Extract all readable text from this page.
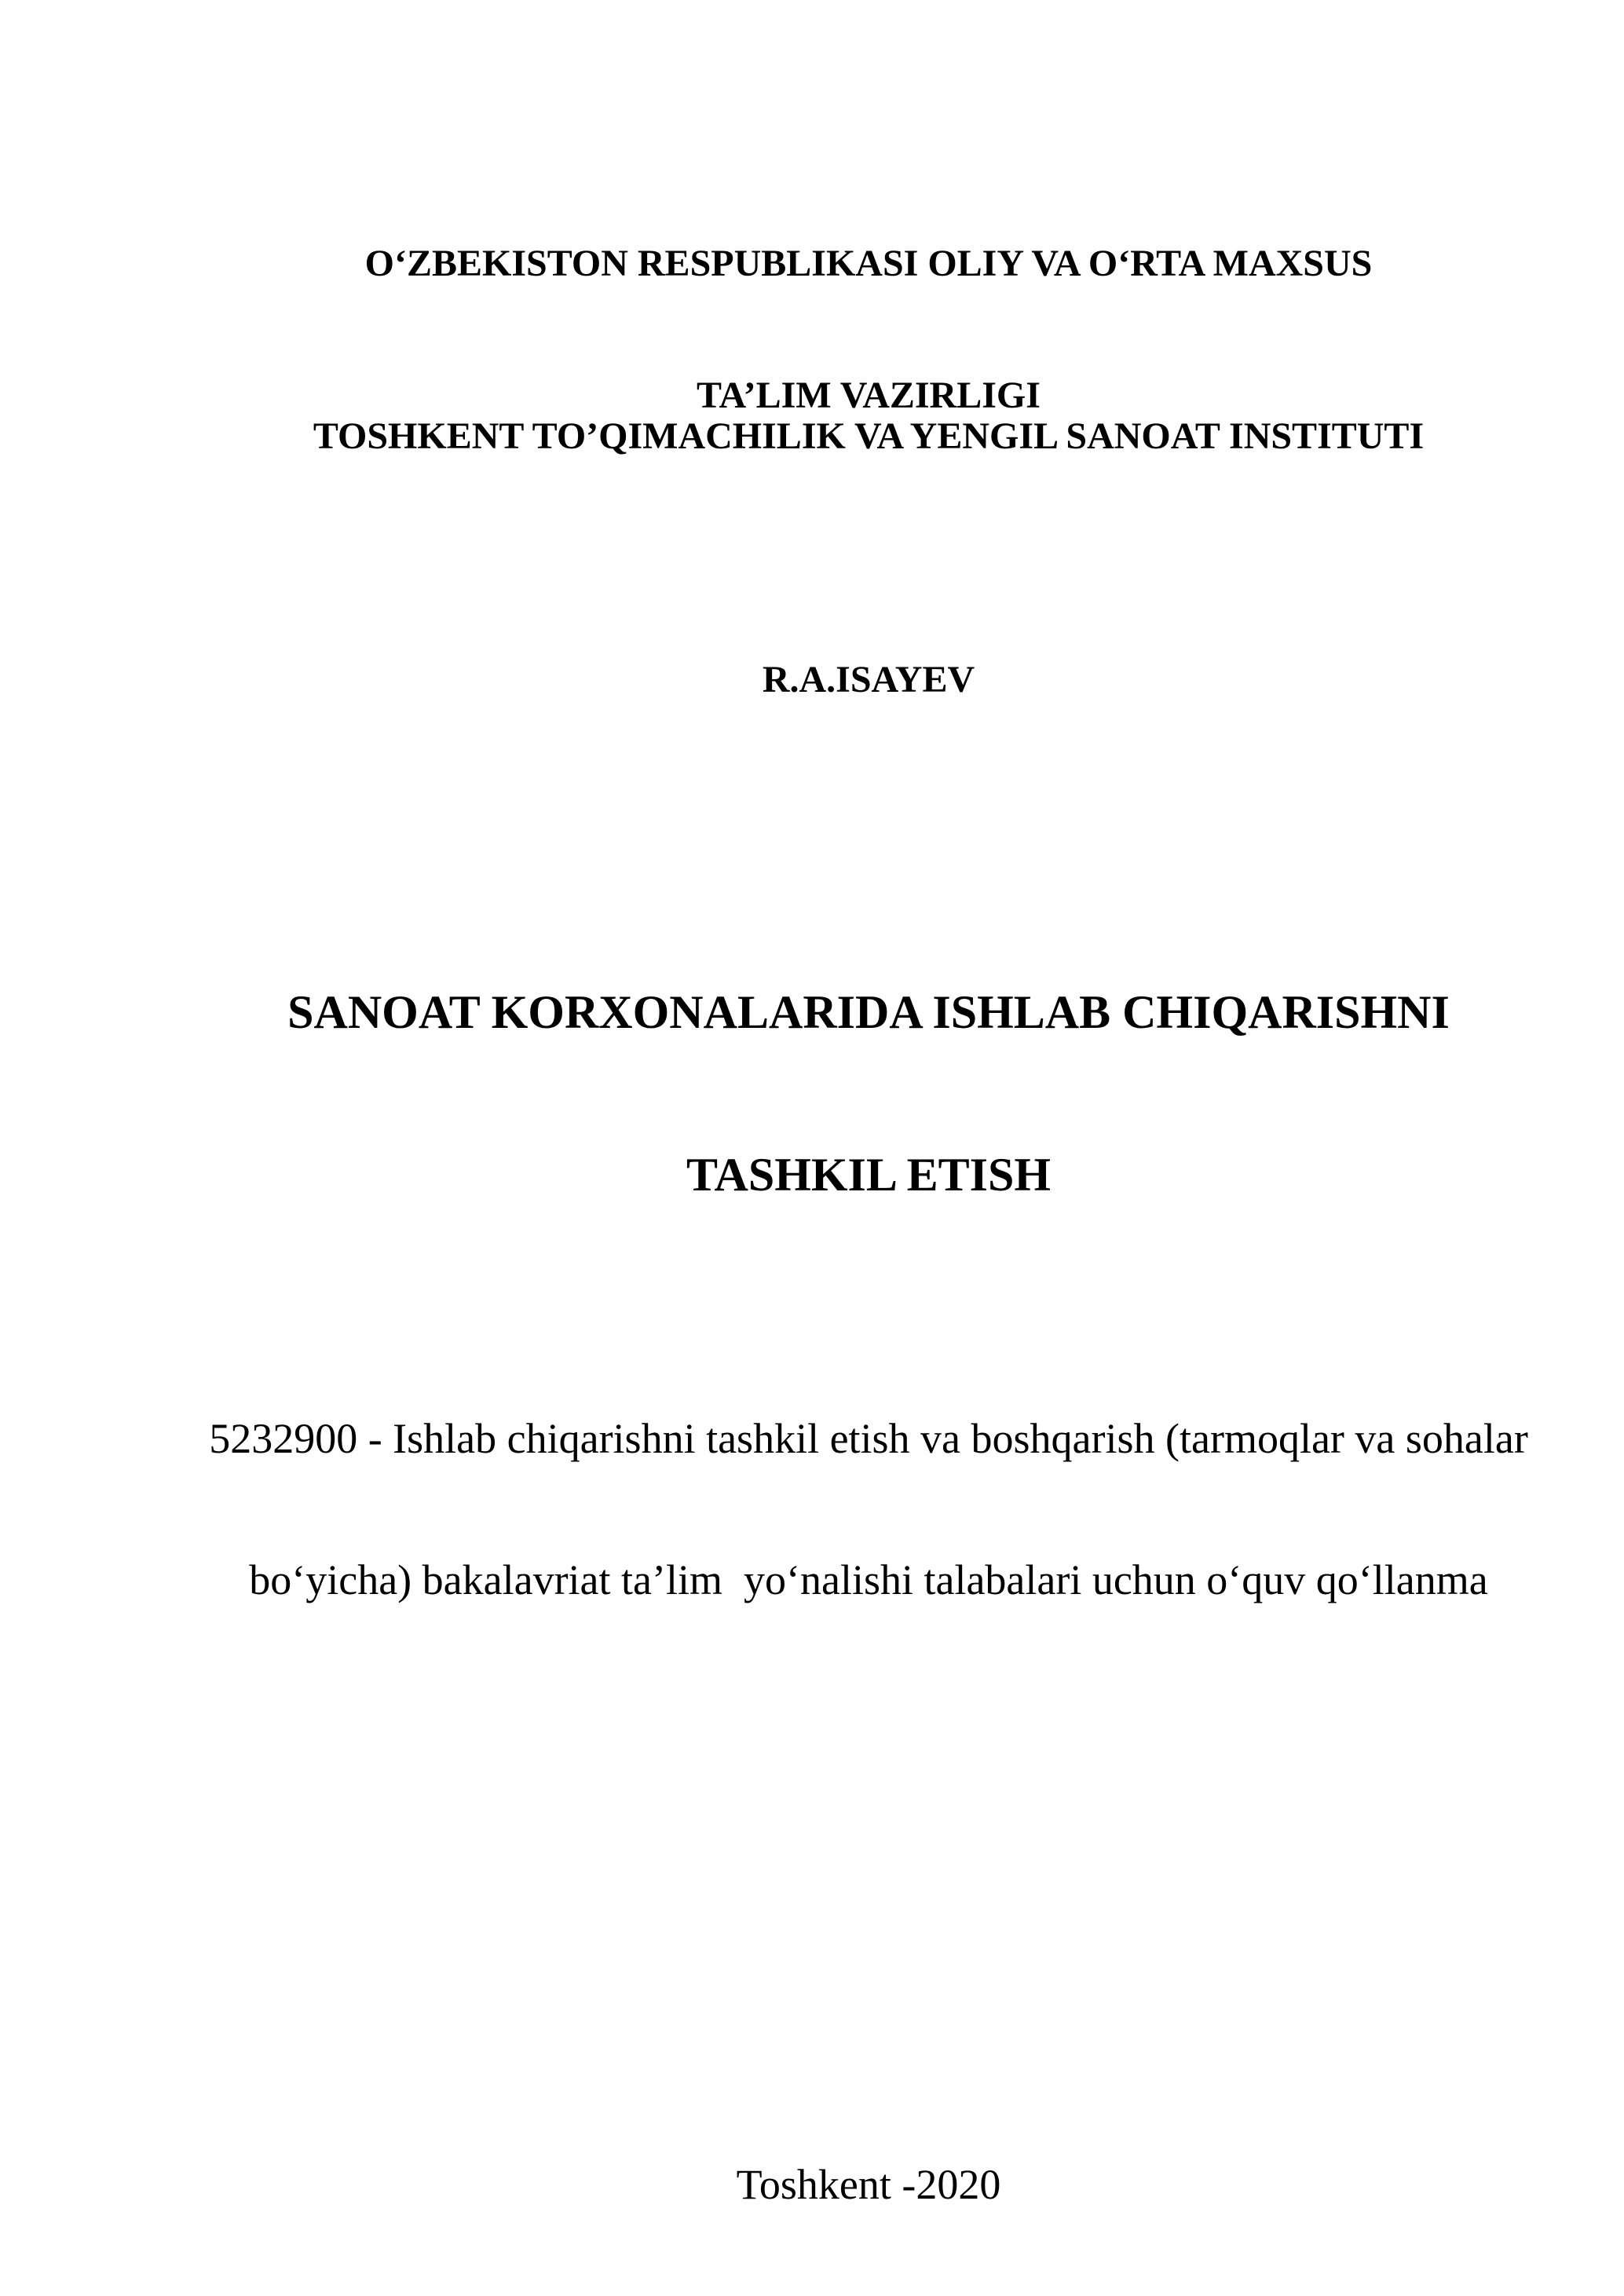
O‘ZBEKISTON RESPUBLIKASI OLIY VA O‘RTA MAXSUS

TA’LIM VAZIRLIGI

TOSHKENT TO’QIMACHILIK VA YENGIL SANOAT INSTITUTI

R.A.ISAYEV

SANOAT KORXONALARIDA ISHLAB CHIQARISHNI

TASHKIL ETISH

5232900 - Ishlab chiqarishni tashkil etish va boshqarish (tarmoqlar va sohalar

bo‘yicha) bakalavriat ta’lim  yo‘nalishi talabalari uchun o‘quv qo‘llanma

Toshkent -2020
